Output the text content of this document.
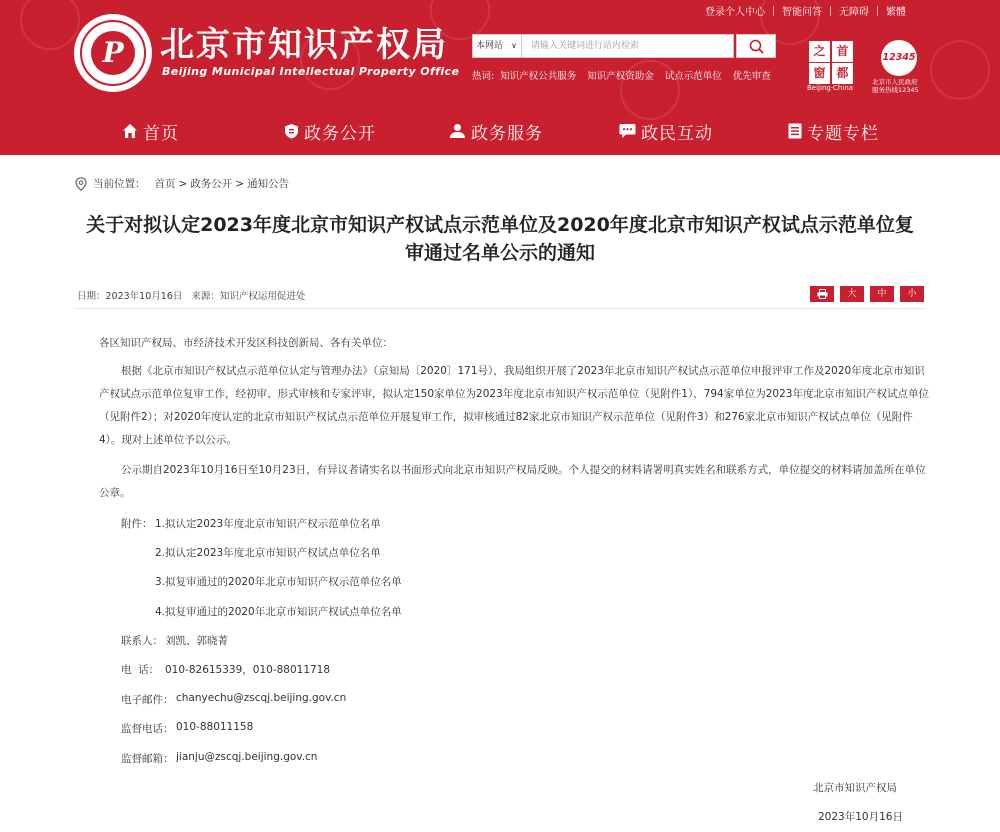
P	北京市知识产权局
Beijing Municipal Intellectual Property Office
登录个人中心	智能问答	无障碍	繁體
本网站 ∨	请输入关键词进行站内检索
热词: 知识产权公共服务 知识产权资助金 试点示范单位 优先审查
之 首
窗 都
Beijing·China
12345
北京市人民政府
服务热线12345
首页	政务公开	政务服务	政民互动	专题专栏
当前位置： 首页 > 政务公开 > 通知公告
关于对拟认定2023年度北京市知识产权试点示范单位及2020年度北京市知识产权试点示范单位复
审通过名单公示的通知
日期：2023年10月16日 来源：知识产权运用促进处	大	中	小
各区知识产权局、市经济技术开发区科技创新局、各有关单位：
根据《北京市知识产权试点示范单位认定与管理办法》（京知局〔2020〕171号），我局组织开展了2023年北京市知识产权试点示范单位申报评审工作及2020年度北京市知识产权试点示范单位复审工作，经初审、形式审核和专家评审，拟认定150家单位为2023年度北京市知识产权示范单位（见附件1），794家单位为2023年度北京市知识产权试点单位（见附件2）；对2020年度认定的北京市知识产权试点示范单位开展复审工作，拟审核通过82家北京市知识产权示范单位（见附件3）和276家北京市知识产权试点单位（见附件4）。现对上述单位予以公示。
公示期自2023年10月16日至10月23日，有异议者请实名以书面形式向北京市知识产权局反映。个人提交的材料请署明真实姓名和联系方式，单位提交的材料请加盖所在单位公章。
附件： 1.拟认定2023年度北京市知识产权示范单位名单
2.拟认定2023年度北京市知识产权试点单位名单
3.拟复审通过的2020年北京市知识产权示范单位名单
4.拟复审通过的2020年北京市知识产权试点单位名单
联系人： 刘凯、郭晓菁
电  话： 010-82615339，010-88011718
电子邮件： chanyechu@zscqj.beijing.gov.cn
监督电话： 010-88011158
监督邮箱： jianju@zscqj.beijing.gov.cn
北京市知识产权局
2023年10月16日
